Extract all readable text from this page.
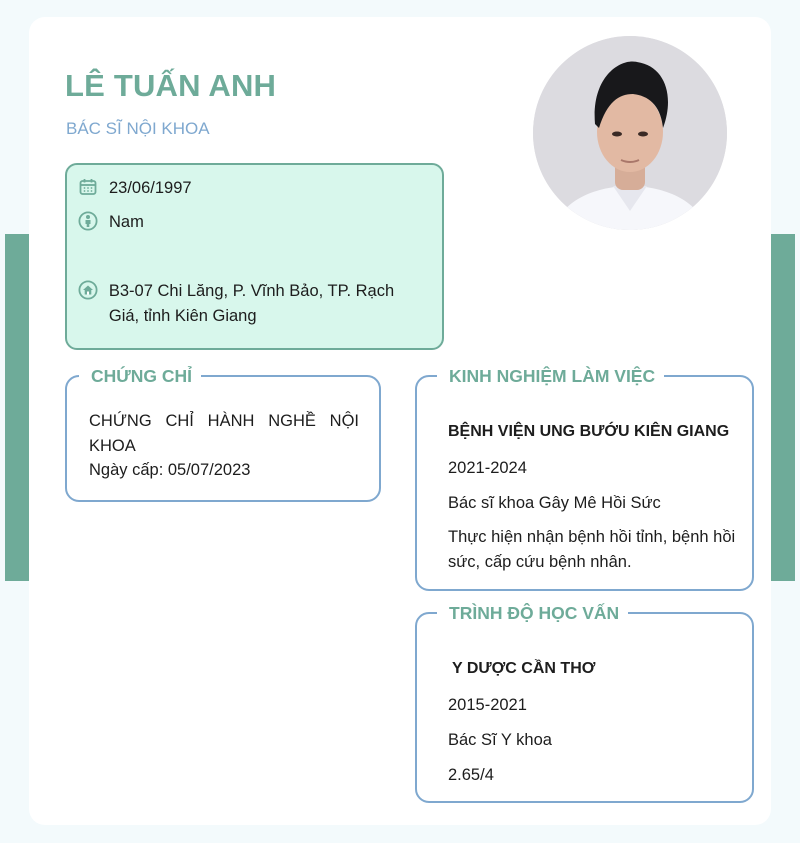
LÊ TUẤN ANH
BÁC SĨ NỘI KHOA
23/06/1997
Nam
B3-07 Chi Lăng, P. Vĩnh Bảo, TP. Rạch Giá, tỉnh Kiên Giang
CHỨNG CHỈ
CHỨNG CHỈ HÀNH NGHỀ NỘI KHOA
Ngày cấp: 05/07/2023
KINH NGHIỆM LÀM VIỆC
BỆNH VIỆN UNG BƯỚU KIÊN GIANG
2021-2024
Bác sĩ khoa Gây Mê Hồi Sức
Thực hiện nhận bệnh hồi tỉnh, bệnh hồi sức, cấp cứu bệnh nhân.
TRÌNH ĐỘ HỌC VẤN
Y DƯỢC CẦN THƠ
2015-2021
Bác Sĩ Y khoa
2.65/4
